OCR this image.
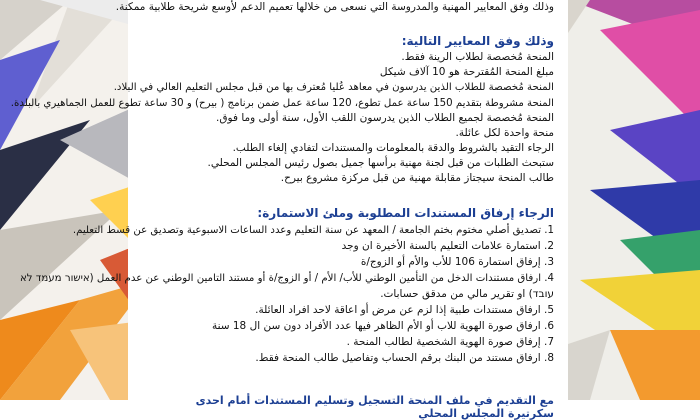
وذلك وفق المعايير المهنية والمدروسة التي نسعى من خلالها تعميم الدعم لأوسع شريحة طلابية ممكنة.
وذلك وفق المعايير التالية:
المنحة مُخصصة لطلاب الرينة فقط.
مبلغ المنحة المُقترحة هو 10 آلاف شيكل
المنحة مُخصصة للطلاب الذين يدرسون في معاهد عُليا مُعترف بها من قبل مجلس التعليم العالي في البلاد.
المنحة مشروطة بتقديم 150 ساعة عمل تطوع، 120 ساعة عمل ضمن برنامج ( بيرح) و 30 ساعة تطوع للعمل الجماهيري بالبلدة.
المنحة مُخصصة لجميع الطلاب الذين يدرسون اللقب الأول، سنة أولى وما فوق.
منحة واحدة لكل عائلة.
الرجاء التقيد بالشروط والدقة بالمعلومات والمستندات لتفادي إلغاء الطلب.
ستبحث الطلبات من قبل لجنة مهنية برأسها جميل بصول رئيس المجلس المحلي.
طالب المنحة سيجتاز مقابلة مهنية من قبل مركزة مشروع بيرح.
الرجاء إرفاق المستندات المطلوبة وملئ الاستمارة:
1. تصديق أصلي مختوم بختم الجامعة / المعهد عن سنة التعليم وعدد الساعات الاسبوعية وتصديق عن قسط التعليم.
2. استمارة علامات التعليم بالسنة الأخيرة ان وجد
3. إرفاق استمارة 106 للأب والأم أو الزوج/ة
4. ارفاق مستندات الدخل من التأمين الوطني للأب/ الأم / أو الزوج/ة أو مستند التامين الوطني عن عدم العمل (אישור מעמד לא
עובד) او تقرير مالي من مدقق حسابات.
5. ارفاق مستندات طبية إذا لزم عن مرض أو اعاقة لاحد افراد العائلة.
6. ارفاق صورة الهوية للاب أو الأم الظاهر فيها عدد الأفراد دون سن ال 18 سنة
7. إرفاق صورة الهوية الشخصية لطالب المنحة .
8. ارفاق مستند من البنك برقم الحساب وتفاصيل طالب المنحة فقط.
مع التقديم في ملف المنحة التسجيل وتسليم المستندات أمام احدى سكرتيرة المجلس المحلي
